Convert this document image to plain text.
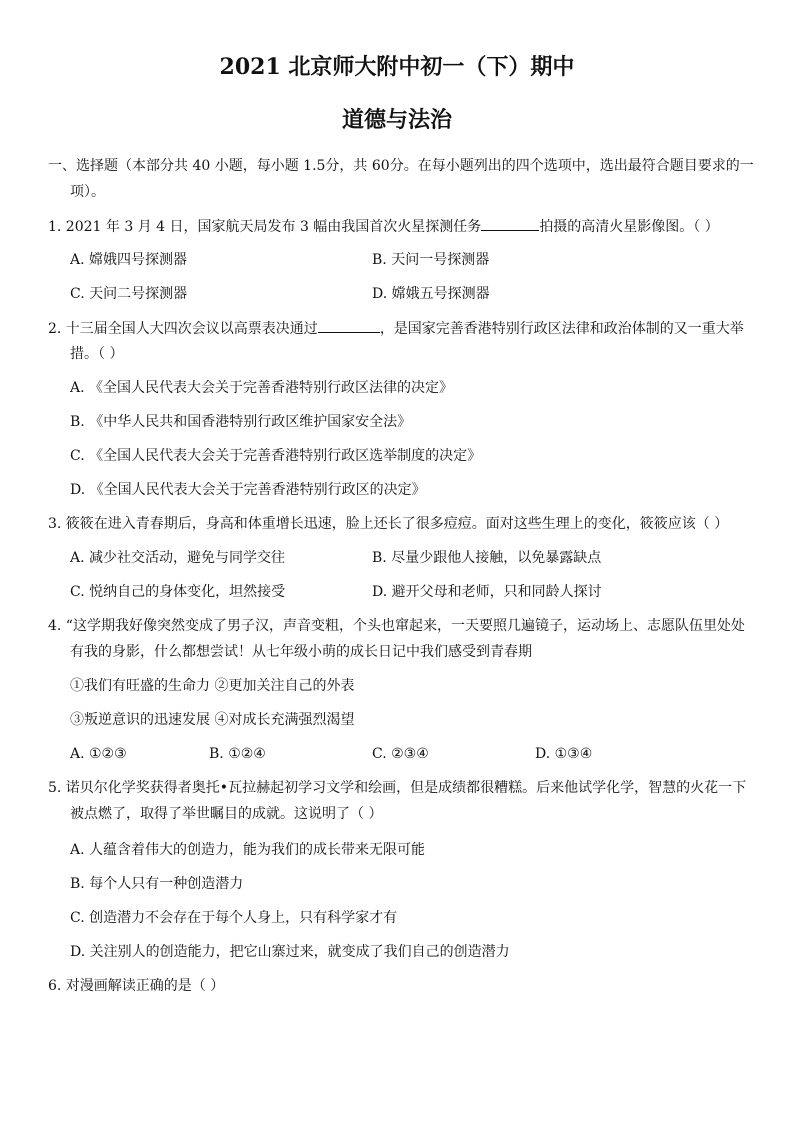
2021 北京师大附中初一（下）期中
道德与法治
一、选择题（本部分共 40 小题，每小题 1.5分，共 60分。在每小题列出的四个选项中，选出最符合题目要求的一
项）。
1. 2021 年 3 月 4 日，国家航天局发布 3 幅由我国首次火星探测任务	拍摄的高清火星影像图。（ ）
A. 嫦娥四号探测器	B. 天问一号探测器
C. 天问二号探测器	D. 嫦娥五号探测器
2. 十三届全国人大四次会议以高票表决通过	，是国家完善香港特别行政区法律和政治体制的又一重大举
措。（ ）
A. 《全国人民代表大会关于完善香港特别行政区法律的决定》
B. 《中华人民共和国香港特别行政区维护国家安全法》
C. 《全国人民代表大会关于完善香港特别行政区选举制度的决定》
D. 《全国人民代表大会关于完善香港特别行政区的决定》
3. 筱筱在进入青春期后，身高和体重增长迅速，脸上还长了很多痘痘。面对这些生理上的变化，筱筱应该（ ）
A. 减少社交活动，避免与同学交往	B. 尽量少跟他人接触，以免暴露缺点
C. 悦纳自己的身体变化，坦然接受	D. 避开父母和老师，只和同龄人探讨
4. “这学期我好像突然变成了男子汉，声音变粗，个头也窜起来，一天要照几遍镜子，运动场上、志愿队伍里处处
有我的身影，什么都想尝试！从七年级小萌的成长日记中我们感受到青春期
①我们有旺盛的生命力 ②更加关注自己的外表
③叛逆意识的迅速发展 ④对成长充满强烈渴望
A. ①②③	B. ①②④	C. ②③④	D. ①③④
5. 诺贝尔化学奖获得者奥托•瓦拉赫起初学习文学和绘画，但是成绩都很糟糕。后来他试学化学，智慧的火花一下
被点燃了，取得了举世瞩目的成就。这说明了（ ）
A. 人蕴含着伟大的创造力，能为我们的成长带来无限可能
B. 每个人只有一种创造潜力
C. 创造潜力不会存在于每个人身上，只有科学家才有
D. 关注别人的创造能力，把它山寨过来，就变成了我们自己的创造潜力
6. 对漫画解读正确的是（ ）
